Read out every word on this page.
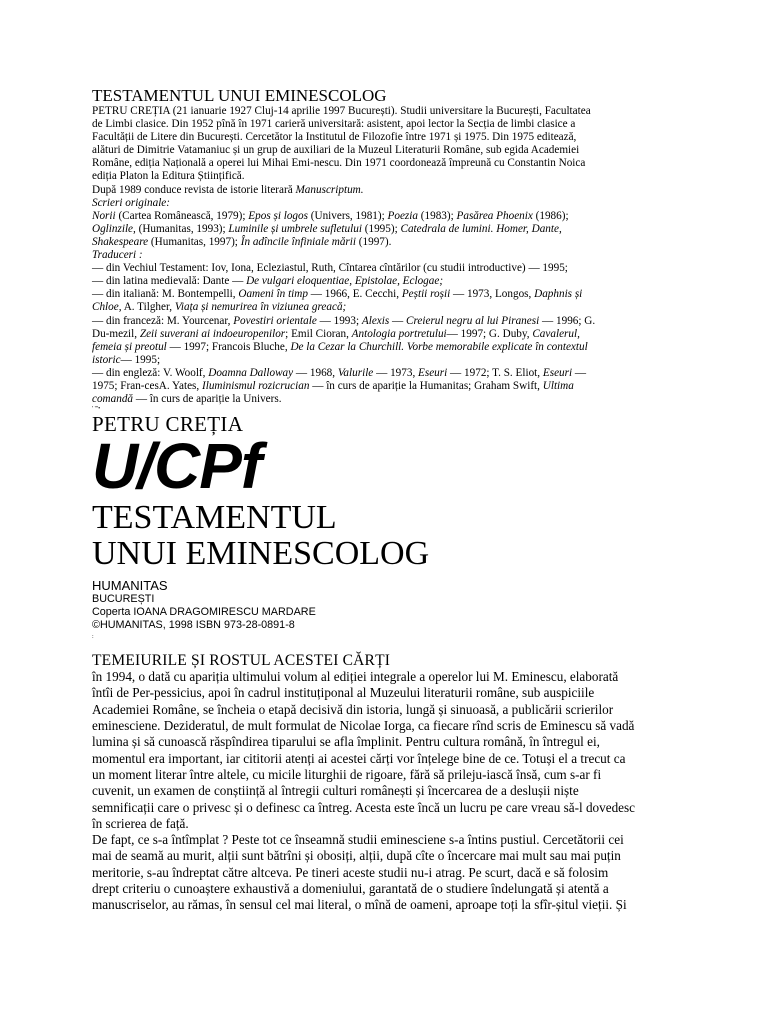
TESTAMENTUL UNUI EMINESCOLOG

PETRU CREȚIA (21 ianuarie 1927 Cluj-14 aprilie 1997 București). Studii universitare la București, Facultatea

de Limbi clasice. Din 1952 pînă în 1971 carieră universitară: asistent, apoi lector la Secția de limbi clasice a

Facultății de Litere din București. Cercetător la Institutul de Filozofie între 1971 și 1975. Din 1975 editează,

alături de Dimitrie Vatamaniuc și un grup de auxiliari de la Muzeul Literaturii Române, sub egida Academiei

Române, ediția Națională a operei lui Mihai Emi-nescu. Din 1971 coordonează împreună cu Constantin Noica

ediția Platon la Editura Științifică.

După 1989 conduce revista de istorie literară Manuscriptum.

Scrieri originale:

Norii (Cartea Românească, 1979); Epos și logos (Univers, 1981); Poezia (1983); Pasărea Phoenix (1986);

Oglinzile, (Humanitas, 1993); Luminile și umbrele sufletului (1995); Catedrala de lumini. Homer, Dante,

Shakespeare (Humanitas, 1997); În adîncile înfiniale mării (1997).

Traduceri :

— din Vechiul Testament: Iov, Iona, Ecleziastul, Ruth, Cîntarea cîntărilor (cu studii introductive) — 1995;

— din latina medievală: Dante — De vulgari eloquentiae, Epistolae, Eclogae;

— din italiană: M. Bontempelli, Oameni în timp — 1966, E. Cecchi, Peștii roșii — 1973, Longos, Daphnis și

Chloe, A. Tilgher, Viața și nemurirea în viziunea greacă;

— din franceză: M. Yourcenar, Povestiri orientale — 1993; Alexis — Creierul negru al lui Piranesi — 1996; G.

Du-mezil, Zeii suverani ai indoeuropenilor; Emil Cioran, Antologia portretului— 1997; G. Duby, Cavalerul,

femeia și preotul — 1997; Francois Bluche, De la Cezar la Churchill. Vorbe memorabile explicate în contextul

istoric— 1995;

— din engleză: V. Woolf, Doamna Dalloway — 1968, Valurile — 1973, Eseuri — 1972; T. S. Eliot, Eseuri —

1975; Fran-cesA. Yates, Iluminismul rozicrucian — în curs de apariție la Humanitas; Graham Swift, Ultima

comandă — în curs de apariție la Univers.

' '"•

PETRU CREȚIA

U/CPf

TESTAMENTUL

UNUI EMINESCOLOG

HUMANITAS

BUCUREȘTI

Coperta IOANA DRAGOMIRESCU MARDARE

©HUMANITAS, 1998 ISBN 973-28-0891-8

:

TEMEIURILE ȘI ROSTUL ACESTEI CĂRȚI

în 1994, o dată cu apariția ultimului volum al ediției integrale a operelor lui M. Eminescu, elaborată

întîi de Per-pessicius, apoi în cadrul instituțiponal al Muzeului literaturii române, sub auspiciile

Academiei Române, se încheia o etapă decisivă din istoria, lungă și sinuoasă, a publicării scrierilor

eminesciene. Dezideratul, de mult formulat de Nicolae Iorga, ca fiecare rînd scris de Eminescu să vadă

lumina și să cunoască răspîndirea tiparului se afla împlinit. Pentru cultura română, în întregul ei,

momentul era important, iar cititorii atenți ai acestei cărți vor înțelege bine de ce. Totuși el a trecut ca

un moment literar între altele, cu micile liturghii de rigoare, fără să prileju-iască însă, cum s-ar fi

cuvenit, un examen de conștiință al întregii culturi românești și încercarea de a deslușii niște

semnificații care o privesc și o definesc ca întreg. Acesta este încă un lucru pe care vreau să-l dovedesc

în scrierea de față.

De fapt, ce s-a întîmplat ? Peste tot ce înseamnă studii eminesciene s-a întins pustiul. Cercetătorii cei

mai de seamă au murit, alții sunt bătrîni și obosiți, alții, după cîte o încercare mai mult sau mai puțin

meritorie, s-au îndreptat către altceva. Pe tineri aceste studii nu-i atrag. Pe scurt, dacă e să folosim

drept criteriu o cunoaștere exhaustivă a domeniului, garantată de o studiere îndelungată și atentă a

manuscriselor, au rămas, în sensul cel mai literal, o mînă de oameni, aproape toți la sfîr-șitul vieții. Și
